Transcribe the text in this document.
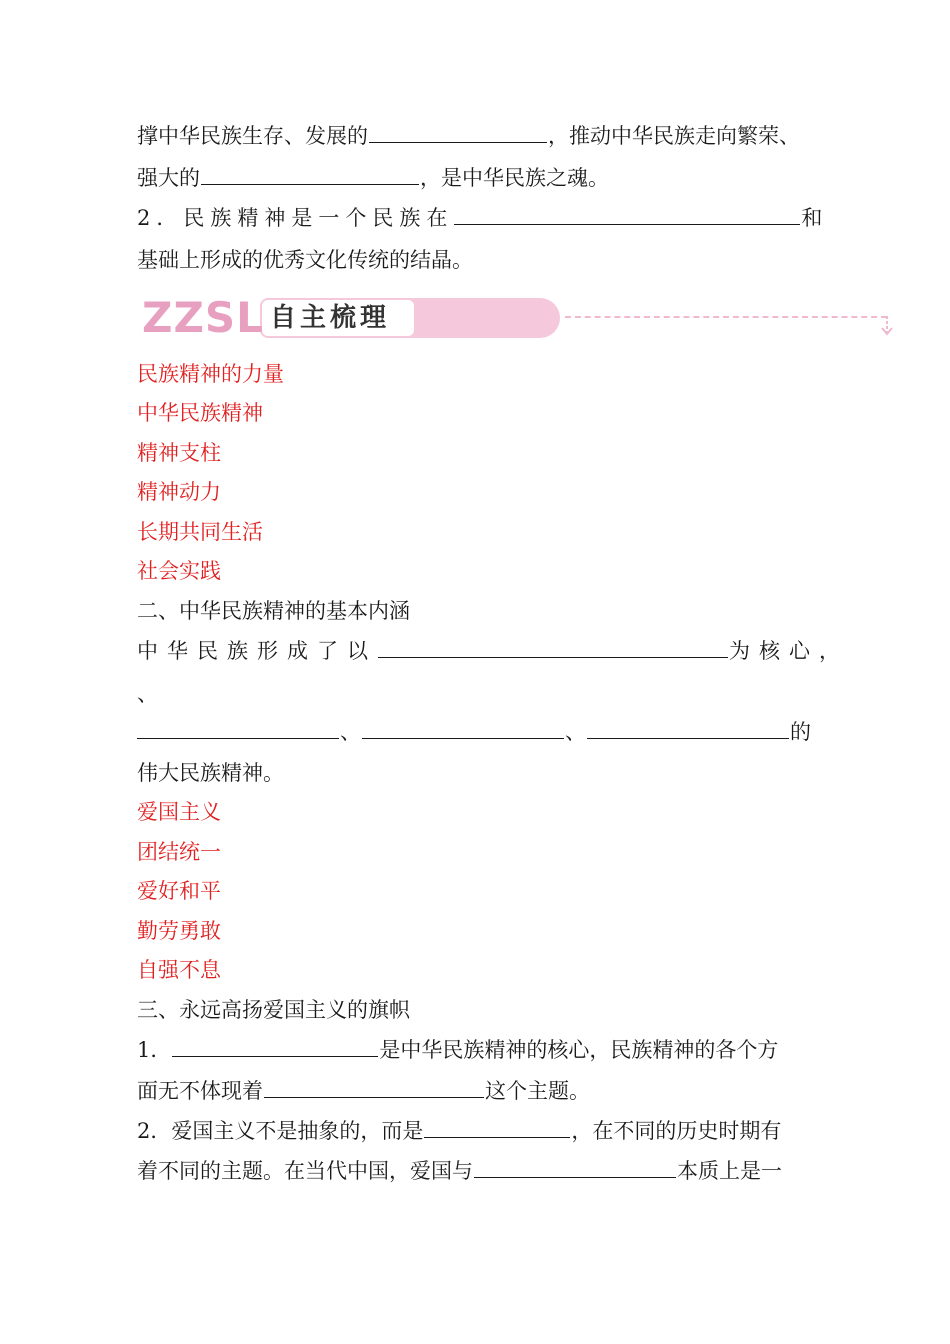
撑中华民族生存、发展的	，推动中华民族走向繁荣、
强大的	，是中华民族之魂。
2．民族精神是一个民族在	和
基础上形成的优秀文化传统的结晶。
ZZSL 自主梳理
民族精神的力量
中华民族精神
精神支柱
精神动力
长期共同生活
社会实践
二、中华民族精神的基本内涵
中华民族形成了以	为核心，
、
、	、	的
伟大民族精神。
爱国主义
团结统一
爱好和平
勤劳勇敢
自强不息
三、永远高扬爱国主义的旗帜
1．	是中华民族精神的核心，民族精神的各个方
面无不体现着	这个主题。
2．爱国主义不是抽象的，而是	，在不同的历史时期有
着不同的主题。在当代中国，爱国与	本质上是一
